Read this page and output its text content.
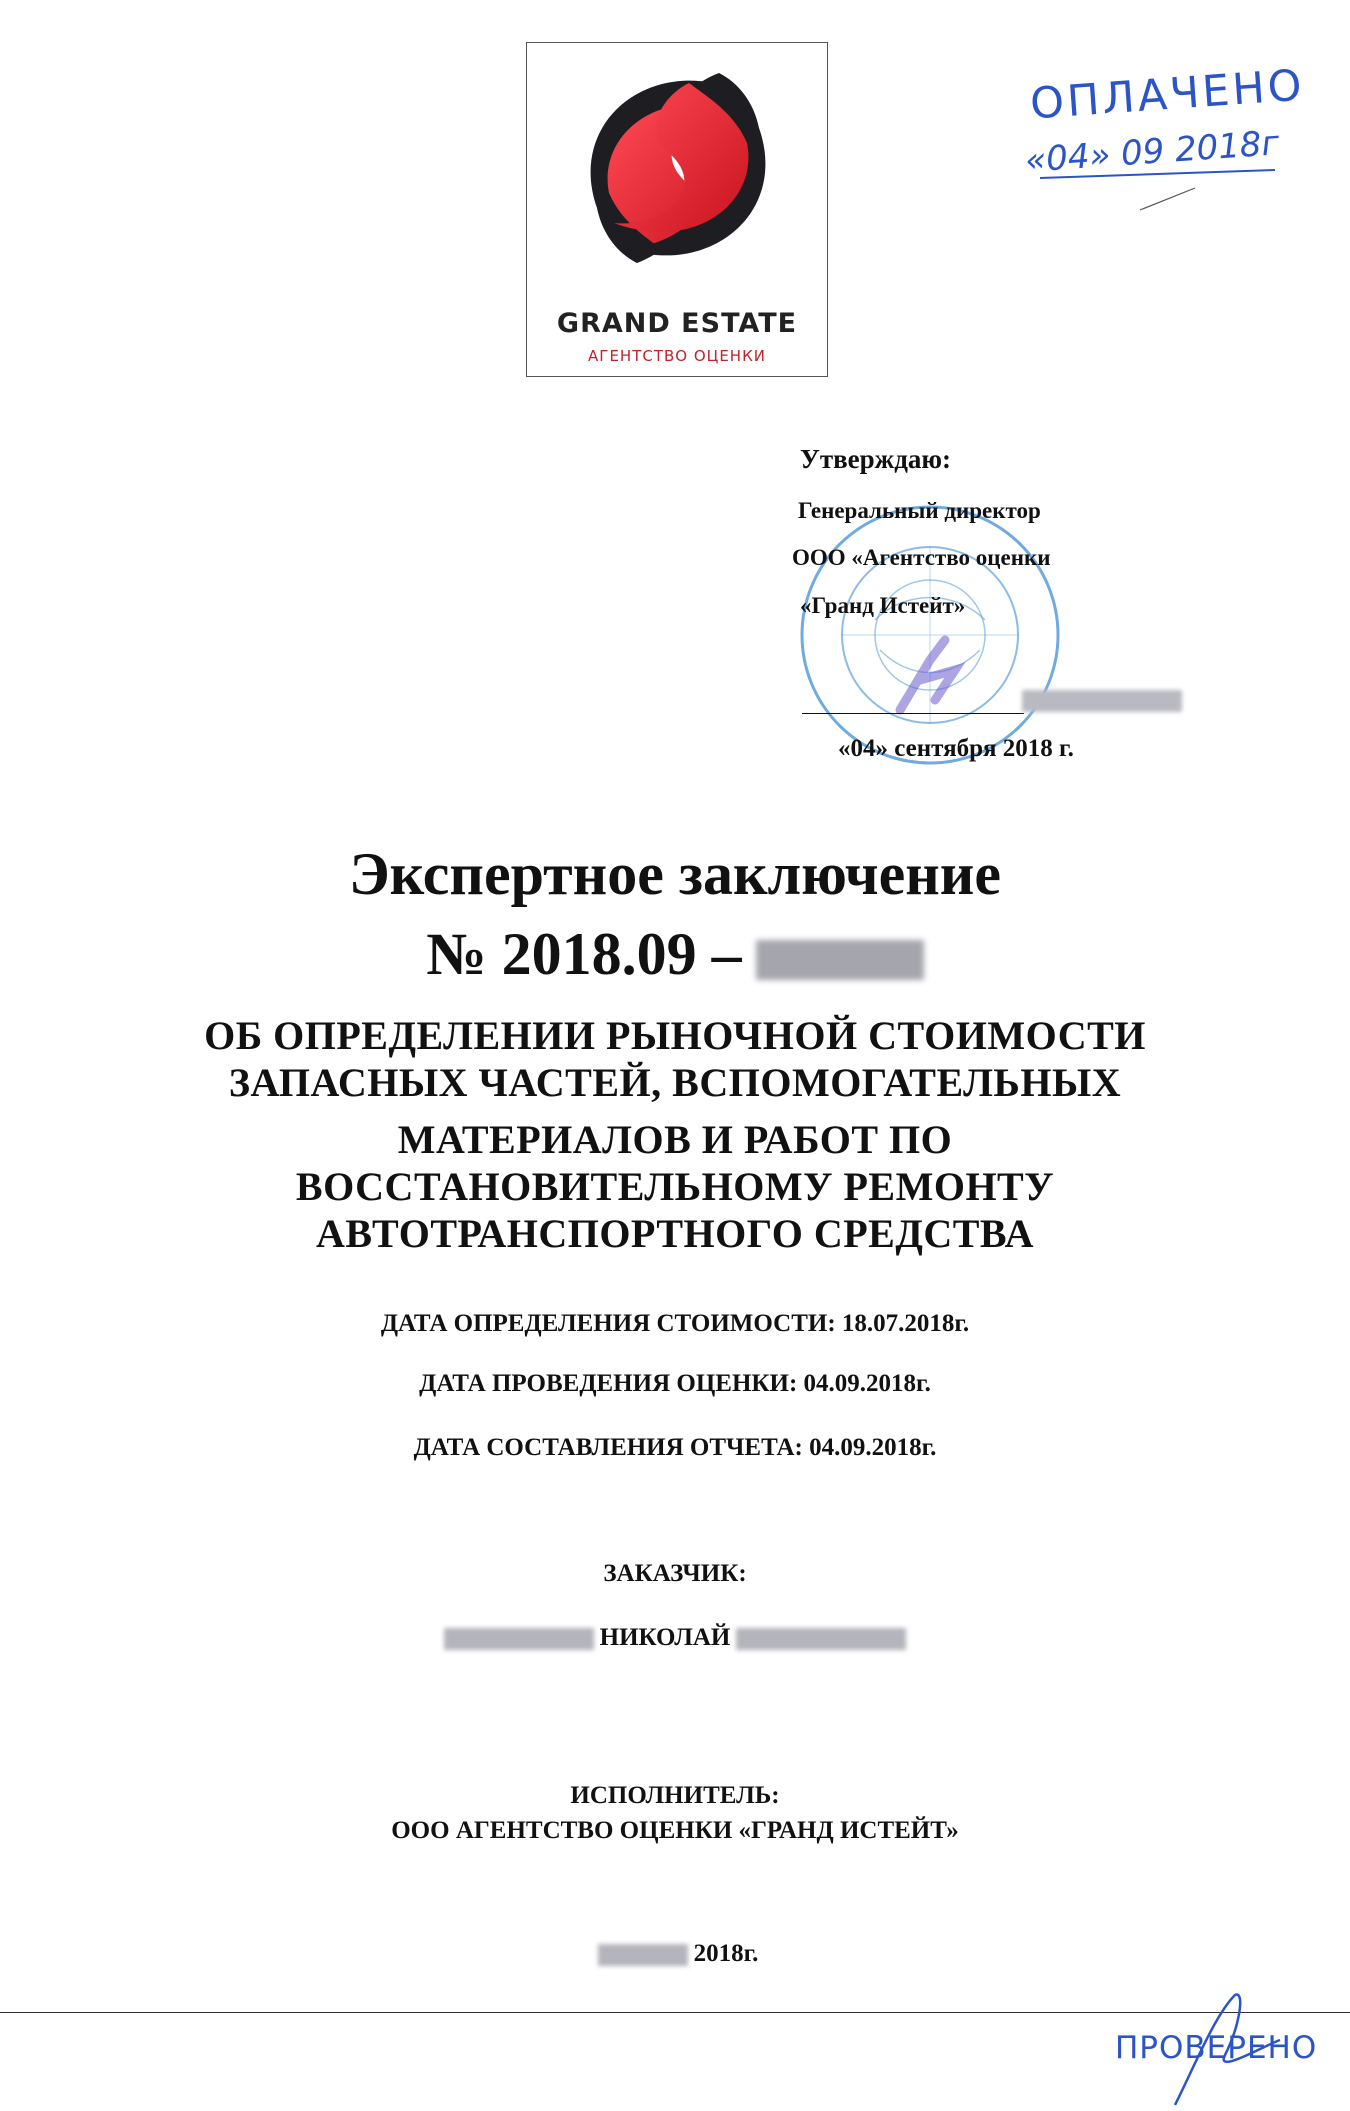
GRAND ESTATE
АГЕНТСТВО ОЦЕНКИ
ОПЛАЧЕНО
«04» 09 2018г
Утверждаю:
Генеральный директор
ООО «Агентство оценки
«Гранд Истейт»
«04» сентября 2018 г.
Экспертное заключение
№ 2018.09 –
ОБ ОПРЕДЕЛЕНИИ РЫНОЧНОЙ СТОИМОСТИ
ЗАПАСНЫХ ЧАСТЕЙ, ВСПОМОГАТЕЛЬНЫХ
МАТЕРИАЛОВ И РАБОТ ПО
ВОССТАНОВИТЕЛЬНОМУ РЕМОНТУ
АВТОТРАНСПОРТНОГО СРЕДСТВА
ДАТА ОПРЕДЕЛЕНИЯ СТОИМОСТИ: 18.07.2018г.
ДАТА ПРОВЕДЕНИЯ ОЦЕНКИ: 04.09.2018г.
ДАТА СОСТАВЛЕНИЯ ОТЧЕТА: 04.09.2018г.
ЗАКАЗЧИК:
НИКОЛАЙ
ИСПОЛНИТЕЛЬ:
ООО АГЕНТСТВО ОЦЕНКИ «ГРАНД ИСТЕЙТ»
2018г.
ПРОВЕРЕНО
